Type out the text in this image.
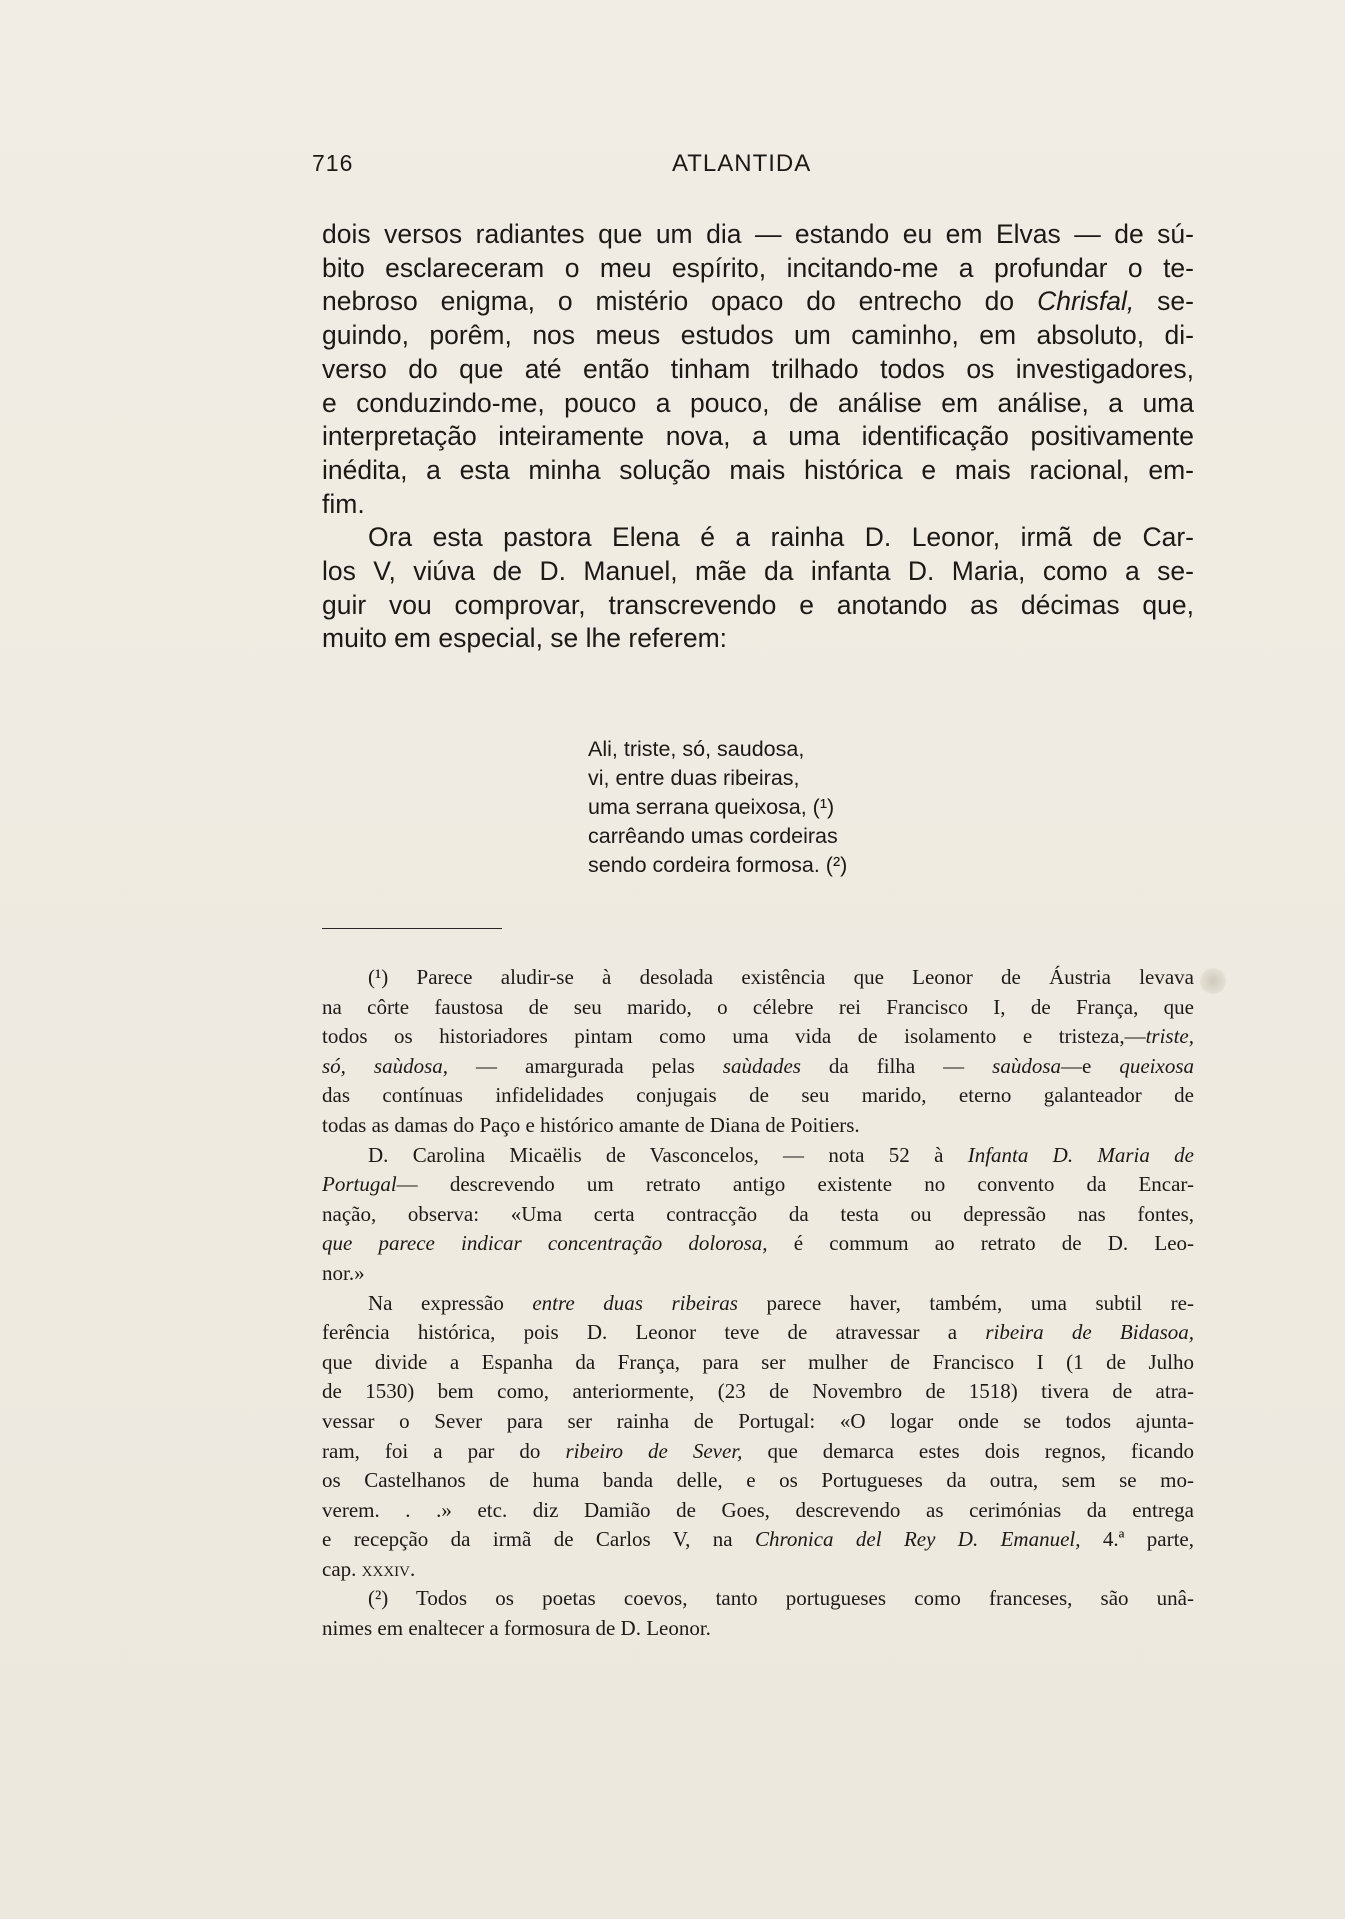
716	ATLANTIDA
dois versos radiantes que um dia — estando eu em Elvas — de sú-
bito esclareceram o meu espírito, incitando-me a profundar o te-
nebroso enigma, o mistério opaco do entrecho do Chrisfal, se-
guindo, porêm, nos meus estudos um caminho, em absoluto, di-
verso do que até então tinham trilhado todos os investigadores,
e conduzindo-me, pouco a pouco, de análise em análise, a uma
interpretação inteiramente nova, a uma identificação positivamente
inédita, a esta minha solução mais histórica e mais racional, em-
fim.
Ora esta pastora Elena é a rainha D. Leonor, irmã de Car-
los V, viúva de D. Manuel, mãe da infanta D. Maria, como a se-
guir vou comprovar, transcrevendo e anotando as décimas que,
muito em especial, se lhe referem:
Ali, triste, só, saudosa,
vi, entre duas ribeiras,
uma serrana queixosa, (¹)
carrêando umas cordeiras
sendo cordeira formosa. (²)
(¹) Parece aludir-se à desolada existência que Leonor de Áustria levava
na côrte faustosa de seu marido, o célebre rei Francisco I, de França, que
todos os historiadores pintam como uma vida de isolamento e tristeza,—triste,
só, saùdosa, — amargurada pelas saùdades da filha — saùdosa—e queixosa
das contínuas infidelidades conjugais de seu marido, eterno galanteador de
todas as damas do Paço e histórico amante de Diana de Poitiers.
D. Carolina Micaëlis de Vasconcelos, — nota 52 à Infanta D. Maria de
Portugal— descrevendo um retrato antigo existente no convento da Encar-
nação, observa: «Uma certa contracção da testa ou depressão nas fontes,
que parece indicar concentração dolorosa, é commum ao retrato de D. Leo-
nor.»
Na expressão entre duas ribeiras parece haver, também, uma subtil re-
ferência histórica, pois D. Leonor teve de atravessar a ribeira de Bidasoa,
que divide a Espanha da França, para ser mulher de Francisco I (1 de Julho
de 1530) bem como, anteriormente, (23 de Novembro de 1518) tivera de atra-
vessar o Sever para ser rainha de Portugal: «O logar onde se todos ajunta-
ram, foi a par do ribeiro de Sever, que demarca estes dois regnos, ficando
os Castelhanos de huma banda delle, e os Portugueses da outra, sem se mo-
verem. . .» etc. diz Damião de Goes, descrevendo as cerimónias da entrega
e recepção da irmã de Carlos V, na Chronica del Rey D. Emanuel, 4.ª parte,
cap. xxxiv.
(²) Todos os poetas coevos, tanto portugueses como franceses, são unâ-
nimes em enaltecer a formosura de D. Leonor.
